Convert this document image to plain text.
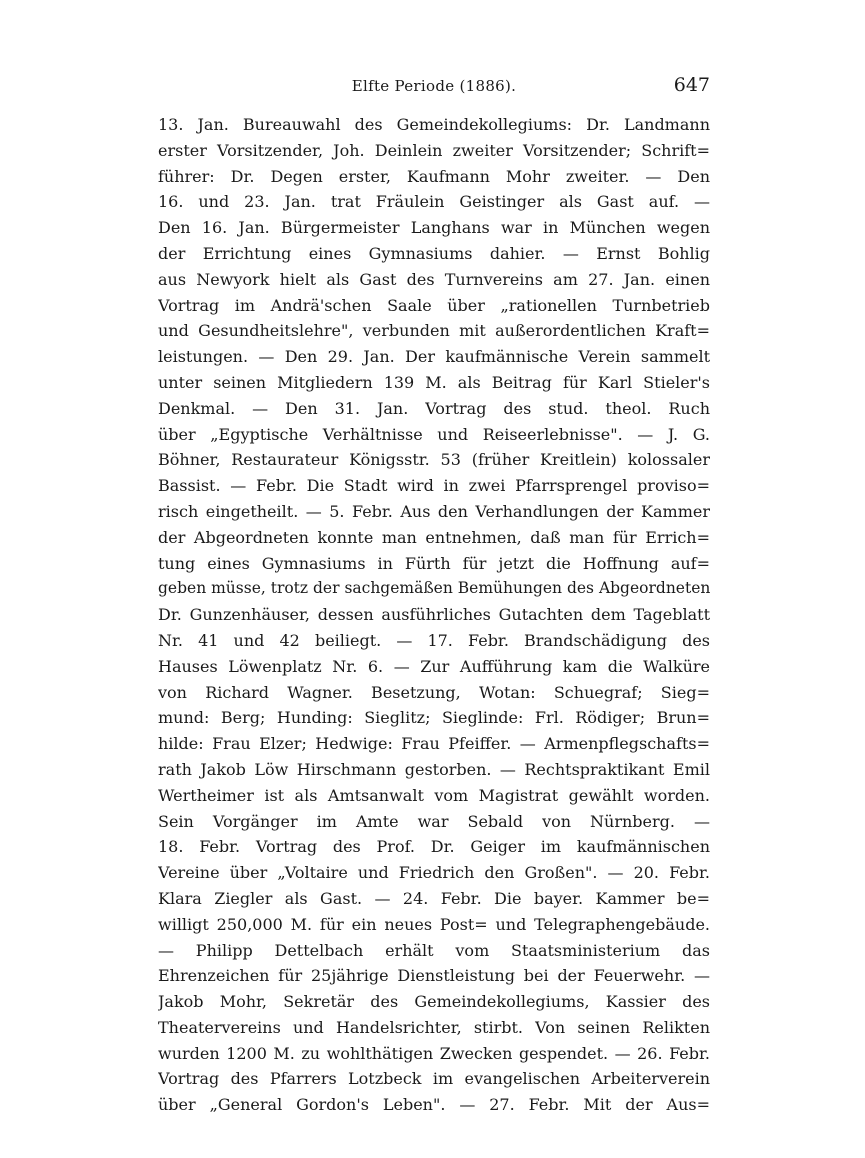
Elfte Periode (1886).	647
13. Jan. Bureauwahl des Gemeindekollegiums: Dr. Landmann
erster Vorsitzender, Joh. Deinlein zweiter Vorsitzender; Schrift=
führer: Dr. Degen erster, Kaufmann Mohr zweiter. — Den
16. und 23. Jan. trat Fräulein Geistinger als Gast auf. —
Den 16. Jan. Bürgermeister Langhans war in München wegen
der Errichtung eines Gymnasiums dahier. — Ernst Bohlig
aus Newyork hielt als Gast des Turnvereins am 27. Jan. einen
Vortrag im Andrä'schen Saale über „rationellen Turnbetrieb
und Gesundheitslehre", verbunden mit außerordentlichen Kraft=
leistungen. — Den 29. Jan. Der kaufmännische Verein sammelt
unter seinen Mitgliedern 139 M. als Beitrag für Karl Stieler's
Denkmal. — Den 31. Jan. Vortrag des stud. theol. Ruch
über „Egyptische Verhältnisse und Reiseerlebnisse". — J. G.
Böhner, Restaurateur Königsstr. 53 (früher Kreitlein) kolossaler
Bassist. — Febr. Die Stadt wird in zwei Pfarrsprengel proviso=
risch eingetheilt. — 5. Febr. Aus den Verhandlungen der Kammer
der Abgeordneten konnte man entnehmen, daß man für Errich=
tung eines Gymnasiums in Fürth für jetzt die Hoffnung auf=
geben müsse, trotz der sachgemäßen Bemühungen des Abgeordneten
Dr. Gunzenhäuser, dessen ausführliches Gutachten dem Tageblatt
Nr. 41 und 42 beiliegt. — 17. Febr. Brandschädigung des
Hauses Löwenplatz Nr. 6. — Zur Aufführung kam die Walküre
von Richard Wagner. Besetzung, Wotan: Schuegraf; Sieg=
mund: Berg; Hunding: Sieglitz; Sieglinde: Frl. Rödiger; Brun=
hilde: Frau Elzer; Hedwige: Frau Pfeiffer. — Armenpflegschafts=
rath Jakob Löw Hirschmann gestorben. — Rechtspraktikant Emil
Wertheimer ist als Amtsanwalt vom Magistrat gewählt worden.
Sein Vorgänger im Amte war Sebald von Nürnberg. —
18. Febr. Vortrag des Prof. Dr. Geiger im kaufmännischen
Vereine über „Voltaire und Friedrich den Großen". — 20. Febr.
Klara Ziegler als Gast. — 24. Febr. Die bayer. Kammer be=
willigt 250,000 M. für ein neues Post= und Telegraphengebäude.
— Philipp Dettelbach erhält vom Staatsministerium das
Ehrenzeichen für 25jährige Dienstleistung bei der Feuerwehr. —
Jakob Mohr, Sekretär des Gemeindekollegiums, Kassier des
Theatervereins und Handelsrichter, stirbt. Von seinen Relikten
wurden 1200 M. zu wohlthätigen Zwecken gespendet. — 26. Febr.
Vortrag des Pfarrers Lotzbeck im evangelischen Arbeiterverein
über „General Gordon's Leben". — 27. Febr. Mit der Aus=
